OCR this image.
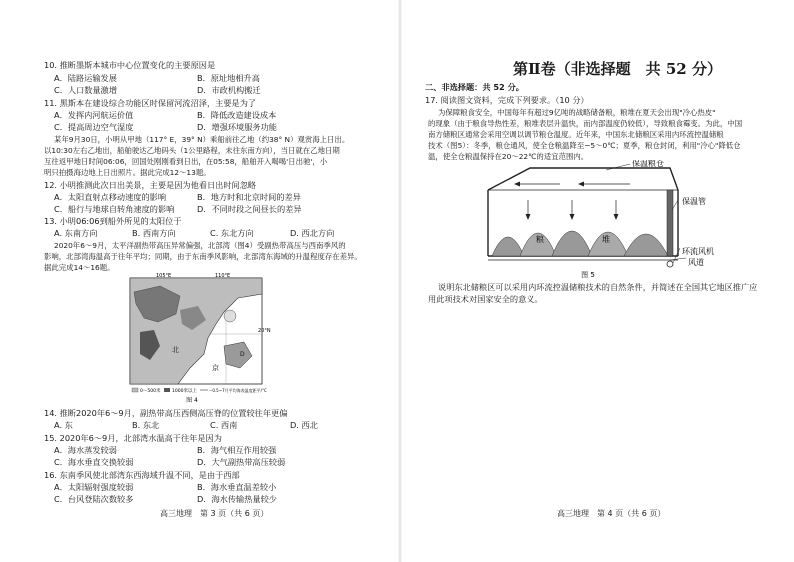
10. 推断墨斯本城市中心位置变化的主要原因是
A．陆路运输发展	B．原址地相升高
C．人口数量激增	D．市政机构搬迁
11. 黑斯本在建设综合功能区时保留河流沼泽，主要是为了
A．发挥内河航运价值	B．降低改造建设成本
C．提高周边空气湿度	D．增强环境服务功能
某年9月30日，小明从甲地（117° E，39° N）乘船前往乙地（约38° N）观赏海上日出。
以10:30左右乙地出，船舶驶达乙地码头（1公里路程，未往东南方向），当日就在乙地日期
互往返甲地日时间06:06，回国处刚刚看到日出，在05:58，船舶开入喝喝'日出驰'，小
明只拍摄海边地上日出照片。据此完成12～13题。
12. 小明推测此次日出美景，主要是因为他看日出时间忽略
A．太阳直射点移动速度的影响	B．地方时和北京时间的差异
C．船行与地球自转角速度的影响	D．不同时段之间昼长的差异
13. 小明06:06到船外所见的太阳位于
A. 东南方向	B. 西南方向	C. 东北方向	D. 西北方向
2020年6～9月，太平洋副热带高压异常偏强，北部湾（图4）受副热带高压与西南季风的
影响，北部湾海温高于往年平均；同期，由于东南季风影响，北部湾东海域的升温程度存在差异。
据此完成14～16题。
北
京
D
105°E	110°E
20°N
0～500米	1000米以上	−0.5~7月平均海表温度距平/°C
图 4
14. 推断2020年6～9月，副热带高压西侧高压脊的位置较往年更偏
A. 东	B. 东北	C. 西南	D. 西北
15. 2020年6～9月，北部湾水温高于往年是因为
A．海水蒸发较弱	B．海气相互作用较强
C．海水垂直交换较弱	D．大气副热带高压较弱
16. 东南季风使北部湾东西海域升温不同，是由于西部
A．太阳辐射强度较弱	B．海水垂直温差较小
C．台风登陆次数较多	D．海水传输热量较少
高三地理　第 3 页（共 6 页）
第Ⅱ卷（非选择题　共 52 分）
二、非选择题：共 52 分。
17. 阅读图文资料，完成下列要求。（10 分）
为保障粮食安全，中国每年有超过9亿吨的战略储备粮，粮堆在夏天会出现"冷心热皮"
的现象（由于粮食导热性差，粮堆表层升温快，而内部温度仍较低），导致粮食霉变。为此，中国
南方储粮区通常会采用空调以调节粮仓温度。近年来，中国东北储粮区采用内环流控温储粮
技术（图5）：冬季，粮仓通风，使全仓粮温降至−5～0℃；夏季，粮仓封闭，利用"冷心"降低仓
温，使全仓粮温保持在20～22℃的适宜范围内。
保温粮仓
保温管
粮	堆
环流风机
风道
图 5
说明东北储粮区可以采用内环流控温储粮技术的自然条件，并简述在全国其它地区推广应
用此项技术对国家安全的意义。
高三地理　第 4 页（共 6 页）
